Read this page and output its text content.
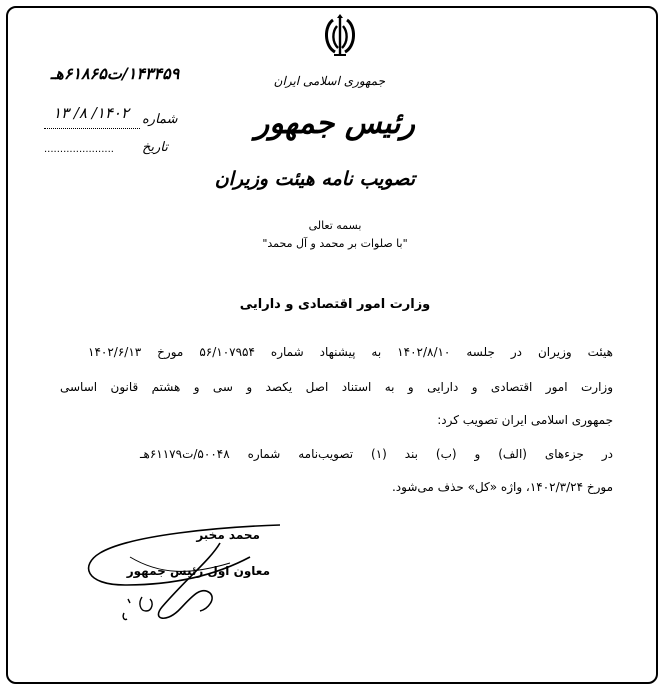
جمهوری اسلامی ایران
رئیس جمهور
تصویب نامه هیئت وزیران
بسمه تعالی
"با صلوات بر محمد و آل محمد"
۱۴۳۴۵۹/ت۶۱۸۶۵هـ
۱۴۰۲/ ۸/ ۱۳ شماره
......................	تاریخ
وزارت امور اقتصادی و دارایی
هیئت وزیران در جلسه ۱۴۰۲/۸/۱۰ به پیشنهاد شماره ۵۶/۱۰۷۹۵۴ مورخ ۱۴۰۲/۶/۱۳
وزارت امور اقتصادی و دارایی و به استناد اصل یکصد و سی و هشتم قانون اساسی
جمهوری اسلامی ایران تصویب کرد:
در جزءهای (الف) و (ب) بند (۱) تصویب‌نامه شماره ۵۰۰۴۸/ت۶۱۱۷۹هـ
مورخ ۱۴۰۲/۳/۲۴، واژه «کل» حذف می‌شود.
محمد مخبر
معاون اول رئیس جمهور
